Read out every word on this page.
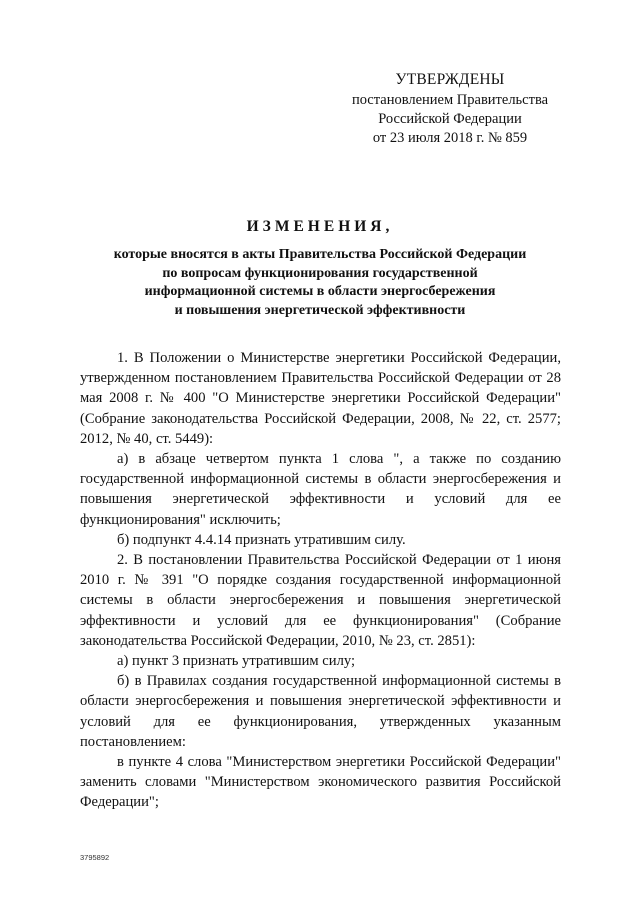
УТВЕРЖДЕНЫ
постановлением Правительства
Российской Федерации
от 23 июля 2018 г. № 859
ИЗМЕНЕНИЯ,
которые вносятся в акты Правительства Российской Федерации
по вопросам функционирования государственной
информационной системы в области энергосбережения
и повышения энергетической эффективности

1. В Положении о Министерстве энергетики Российской Федерации, утвержденном постановлением Правительства Российской Федерации от 28 мая 2008 г. № 400 "О Министерстве энергетики Российской Федерации" (Собрание законодательства Российской Федерации, 2008, № 22, ст. 2577; 2012, № 40, ст. 5449):

а) в абзаце четвертом пункта 1 слова ", а также по созданию государственной информационной системы в области энергосбережения и повышения энергетической эффективности и условий для ее функционирования" исключить;

б) подпункт 4.4.14 признать утратившим силу.

2. В постановлении Правительства Российской Федерации от 1 июня 2010 г. № 391 "О порядке создания государственной информационной системы в области энергосбережения и повышения энергетической эффективности и условий для ее функционирования" (Собрание законодательства Российской Федерации, 2010, № 23, ст. 2851):

а) пункт 3 признать утратившим силу;

б) в Правилах создания государственной информационной системы в области энергосбережения и повышения энергетической эффективности и условий для ее функционирования, утвержденных указанным постановлением:

в пункте 4 слова "Министерством энергетики Российской Федерации" заменить словами "Министерством экономического развития Российской Федерации";

3795892
